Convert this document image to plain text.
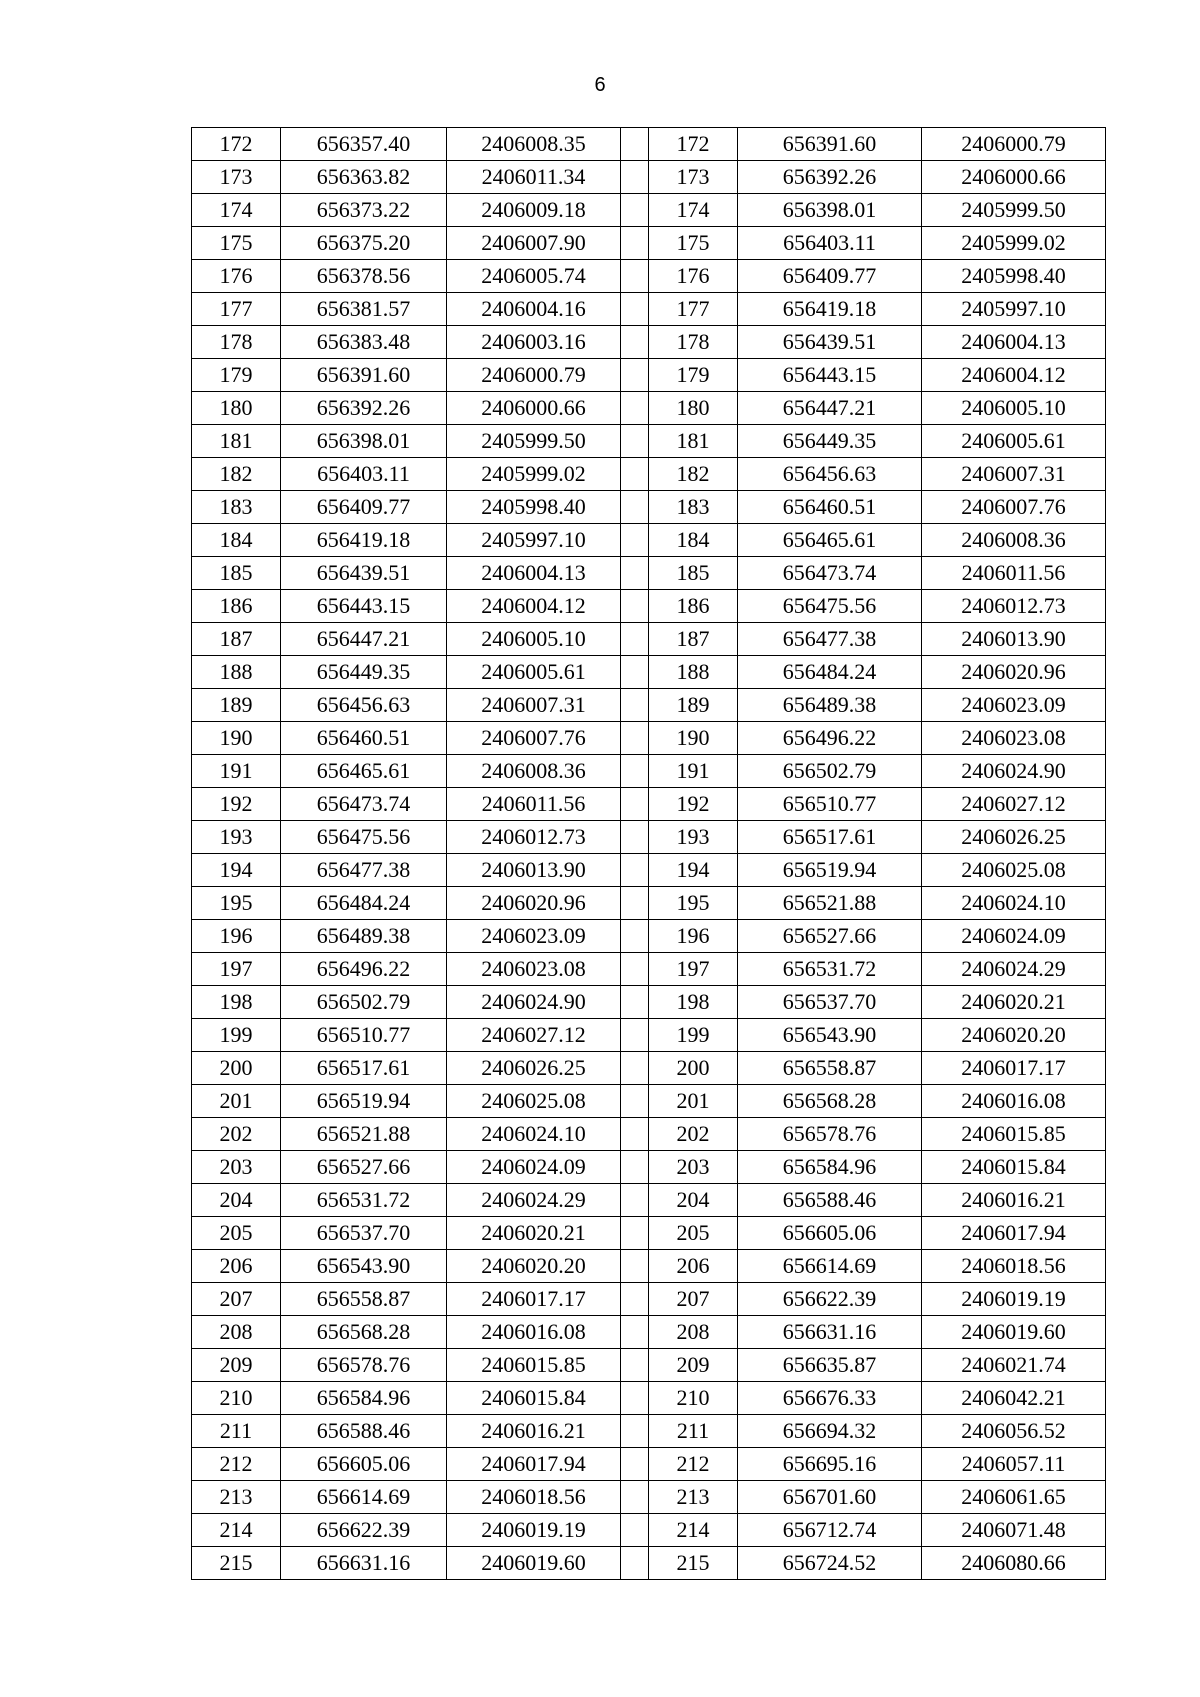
6
172	656357.40	2406008.35		172	656391.60	2406000.79
173	656363.82	2406011.34		173	656392.26	2406000.66
174	656373.22	2406009.18		174	656398.01	2405999.50
175	656375.20	2406007.90		175	656403.11	2405999.02
176	656378.56	2406005.74		176	656409.77	2405998.40
177	656381.57	2406004.16		177	656419.18	2405997.10
178	656383.48	2406003.16		178	656439.51	2406004.13
179	656391.60	2406000.79		179	656443.15	2406004.12
180	656392.26	2406000.66		180	656447.21	2406005.10
181	656398.01	2405999.50		181	656449.35	2406005.61
182	656403.11	2405999.02		182	656456.63	2406007.31
183	656409.77	2405998.40		183	656460.51	2406007.76
184	656419.18	2405997.10		184	656465.61	2406008.36
185	656439.51	2406004.13		185	656473.74	2406011.56
186	656443.15	2406004.12		186	656475.56	2406012.73
187	656447.21	2406005.10		187	656477.38	2406013.90
188	656449.35	2406005.61		188	656484.24	2406020.96
189	656456.63	2406007.31		189	656489.38	2406023.09
190	656460.51	2406007.76		190	656496.22	2406023.08
191	656465.61	2406008.36		191	656502.79	2406024.90
192	656473.74	2406011.56		192	656510.77	2406027.12
193	656475.56	2406012.73		193	656517.61	2406026.25
194	656477.38	2406013.90		194	656519.94	2406025.08
195	656484.24	2406020.96		195	656521.88	2406024.10
196	656489.38	2406023.09		196	656527.66	2406024.09
197	656496.22	2406023.08		197	656531.72	2406024.29
198	656502.79	2406024.90		198	656537.70	2406020.21
199	656510.77	2406027.12		199	656543.90	2406020.20
200	656517.61	2406026.25		200	656558.87	2406017.17
201	656519.94	2406025.08		201	656568.28	2406016.08
202	656521.88	2406024.10		202	656578.76	2406015.85
203	656527.66	2406024.09		203	656584.96	2406015.84
204	656531.72	2406024.29		204	656588.46	2406016.21
205	656537.70	2406020.21		205	656605.06	2406017.94
206	656543.90	2406020.20		206	656614.69	2406018.56
207	656558.87	2406017.17		207	656622.39	2406019.19
208	656568.28	2406016.08		208	656631.16	2406019.60
209	656578.76	2406015.85		209	656635.87	2406021.74
210	656584.96	2406015.84		210	656676.33	2406042.21
211	656588.46	2406016.21		211	656694.32	2406056.52
212	656605.06	2406017.94		212	656695.16	2406057.11
213	656614.69	2406018.56		213	656701.60	2406061.65
214	656622.39	2406019.19		214	656712.74	2406071.48
215	656631.16	2406019.60		215	656724.52	2406080.66
